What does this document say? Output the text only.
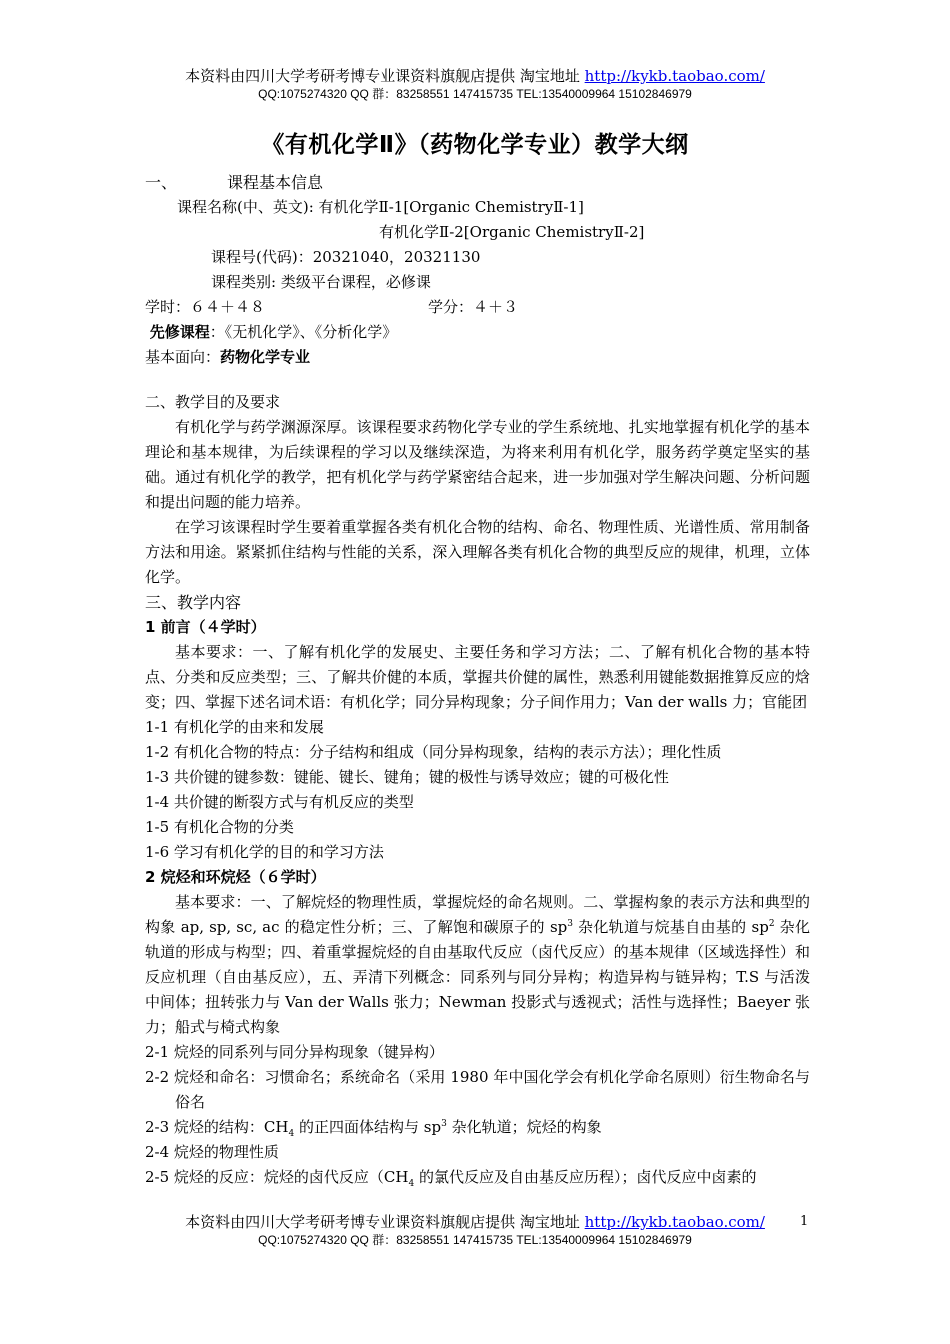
本资料由四川大学考研考博专业课资料旗舰店提供 淘宝地址 http://kykb.taobao.com/
QQ:1075274320 QQ 群：83258551 147415735 TEL:13540009964 15102846979
《有机化学Ⅱ》（药物化学专业）教学大纲
一、	课程基本信息
课程名称(中、英文): 有机化学Ⅱ-1[Organic ChemistryⅡ-1]
有机化学Ⅱ-2[Organic ChemistryⅡ-2]
课程号(代码)：20321040，20321130
课程类别: 类级平台课程，必修课
学时：６４＋４８	学分：４＋３
先修课程：《无机化学》、《分析化学》
基本面向：药物化学专业
二、教学目的及要求
有机化学与药学渊源深厚。该课程要求药物化学专业的学生系统地、扎实地掌握有机化学的基本理论和基本规律，为后续课程的学习以及继续深造，为将来利用有机化学，服务药学奠定坚实的基础。通过有机化学的教学，把有机化学与药学紧密结合起来，进一步加强对学生解决问题、分析问题和提出问题的能力培养。
在学习该课程时学生要着重掌握各类有机化合物的结构、命名、物理性质、光谱性质、常用制备方法和用途。紧紧抓住结构与性能的关系，深入理解各类有机化合物的典型反应的规律，机理，立体化学。
三、教学内容
1 前言（４学时）
基本要求：一、了解有机化学的发展史、主要任务和学习方法；二、了解有机化合物的基本特点、分类和反应类型；三、了解共价健的本质，掌握共价健的属性，熟悉利用键能数据推算反应的焓变；四、掌握下述名词术语：有机化学；同分异构现象；分子间作用力；Van der walls 力；官能团
1-1 有机化学的由来和发展
1-2 有机化合物的特点：分子结构和组成（同分异构现象，结构的表示方法）；理化性质
1-3 共价键的键参数：键能、键长、键角；键的极性与诱导效应；键的可极化性
1-4 共价键的断裂方式与有机反应的类型
1-5 有机化合物的分类
1-6 学习有机化学的目的和学习方法
2 烷烃和环烷烃（６学时）
基本要求：一、了解烷烃的物理性质，掌握烷烃的命名规则。二、掌握构象的表示方法和典型的构象 ap, sp, sc, ac 的稳定性分析；三、了解饱和碳原子的 $sp^3$ 杂化轨道与烷基自由基的 $sp^2$ 杂化轨道的形成与构型；四、着重掌握烷烃的自由基取代反应（卤代反应）的基本规律（区域选择性）和反应机理（自由基反应），五、弄清下列概念：同系列与同分异构；构造异构与链异构；T.S 与活泼中间体；扭转张力与 Van der Walls 张力；Newman 投影式与透视式；活性与选择性；Baeyer 张力；船式与椅式构象
2-1 烷烃的同系列与同分异构现象（键异构）
2-2 烷烃和命名：习惯命名；系统命名（采用 1980 年中国化学会有机化学命名原则）衍生物命名与俗名
2-3 烷烃的结构：$CH_4$ 的正四面体结构与 $sp^3$ 杂化轨道；烷烃的构象
2-4 烷烃的物理性质
2-5 烷烃的反应：烷烃的卤代反应（$CH_4$ 的氯代反应及自由基反应历程）；卤代反应中卤素的
本资料由四川大学考研考博专业课资料旗舰店提供 淘宝地址 http://kykb.taobao.com/
QQ:1075274320 QQ 群：83258551 147415735 TEL:13540009964 15102846979
1
